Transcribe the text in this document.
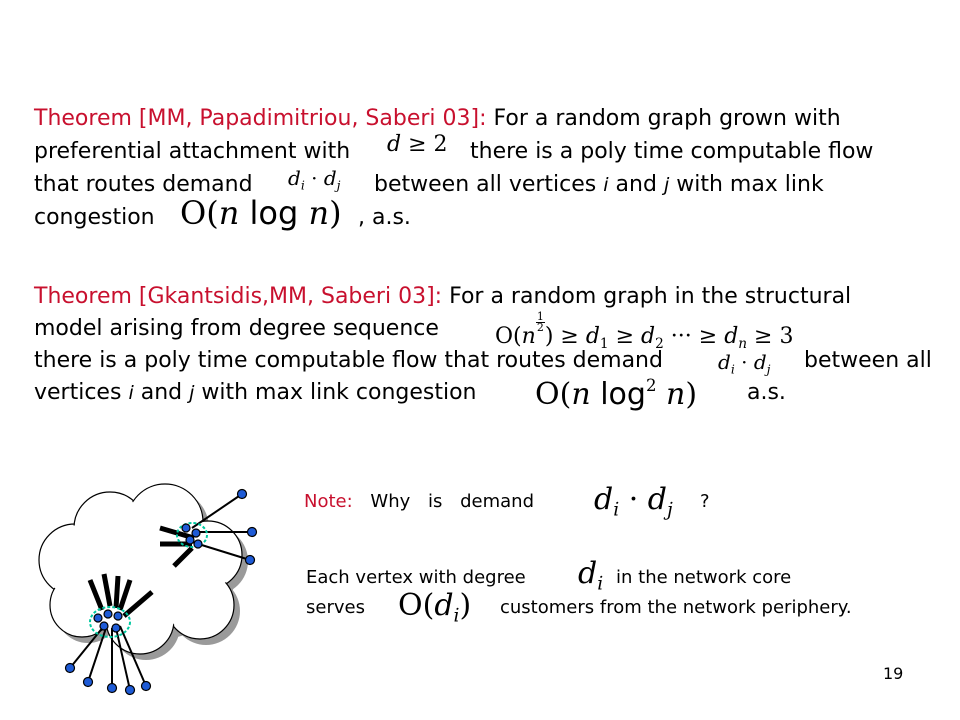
Theorem [MM, Papadimitriou, Saberi 03]: For a random graph grown with
preferential attachment with d ≥ 2 there is a poly time computable flow
that routes demand $d_i \cdot d_j$ between all vertices i and j with max link
congestion O(n log n) , a.s.
Theorem [Gkantsidis,MM, Saberi 03]: For a random graph in the structural
model arising from degree sequence	O(n
$\frac{1}{2}$
) ≥ $d_1 \ge d_2$ ··· ≥ $d_n \ge 3$
there is a poly time computable flow that routes demand	$d_i \cdot d_j$ between all
vertices i and j with max link congestion O(n $\log^2 n$) a.s.
Note: Why is demand $d_i \cdot d_j$ ?
Each vertex with degree $d_i$ in the network core
serves $O(d_i)$ customers from the network periphery.
19
